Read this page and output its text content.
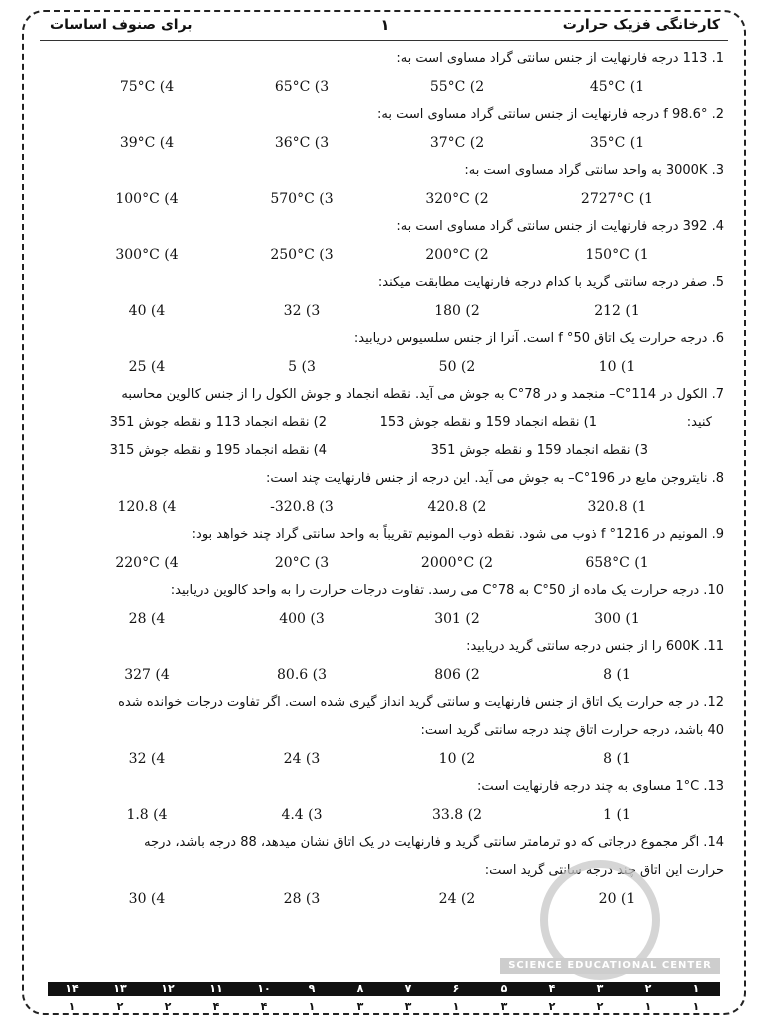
کارخانگی فزیک حرارت
۱
برای صنوف اساسات
1. 113 درجه فارنهایت از جنس سانتی گراد مساوی است به:
45°C (1
55°C (2
65°C (3
75°C (4
2. 98.6° f درجه فارنهایت از جنس سانتی گراد مساوی است به:
35°C (1
37°C (2
36°C (3
39°C (4
3. 3000K به واحد سانتی گراد مساوی است به:
2727°C (1
320°C (2
570°C (3
100°C (4
4. 392 درجه فارنهایت از جنس سانتی گراد مساوی است به:
150°C (1
200°C (2
250°C (3
300°C (4
5. صفر درجه سانتی گرید با کدام درجه فارنهایت مطابقت میکند:
212 (1
180 (2
32 (3
40 (4
6. درجه حرارت یک اتاق 50° f است. آنرا از جنس سلسیوس دریابید:
10 (1
50 (2
5 (3
25 (4
7. الکول در 114°C– منجمد و در 78°C به جوش می آید. نقطه انجماد و جوش الکول را از جنس کالوین محاسبه
کنید:
1) نقطه انجماد 159 و نقطه جوش 153
2) نقطه انجماد 113 و نقطه جوش 351
3) نقطه انجماد 159 و نقطه جوش 351
4) نقطه انجماد 195 و نقطه جوش 315
8. نایتروجن مایع در 196°C– به جوش می آید. این درجه از جنس فارنهایت چند است:
320.8 (1
420.8 (2
-320.8 (3
120.8 (4
9. المونیم در 1216° f ذوب می شود. نقطه ذوب المونیم تقریباً به واحد سانتی گراد چند خواهد بود:
658°C (1
2000°C (2
20°C (3
220°C (4
10. درجه حرارت یک ماده از 50°C به 78°C می رسد. تفاوت درجات حرارت را به واحد کالوین دریابید:
300 (1
301 (2
400 (3
28 (4
11. 600K را از جنس درجه سانتی گرید دریابید:
8 (1
806 (2
80.6 (3
327 (4
12. در جه حرارت یک اتاق از جنس فارنهایت و سانتی گرید انداز گیری شده است. اگر تفاوت درجات خوانده شده
40 باشد، درجه حرارت اتاق چند درجه سانتی گرید است:
8 (1
10 (2
24 (3
32 (4
13. 1°C مساوی به چند درجه فارنهایت است:
1 (1
33.8 (2
4.4 (3
1.8 (4
14. اگر مجموع درجاتی که دو ترمامتر سانتی گرید و فارنهایت در یک اتاق نشان میدهد، 88 درجه باشد، درجه
حرارت این اتاق چند درجه سانتی گرید است:
20 (1
24 (2
28 (3
30 (4
SCIENCE EDUCATIONAL CENTER
١
٢
٣
۴
۵
۶
٧
٨
٩
١٠
١١
١٢
١٣
١۴
١
١
٢
٢
٣
١
٣
٣
١
۴
۴
٢
٢
١
